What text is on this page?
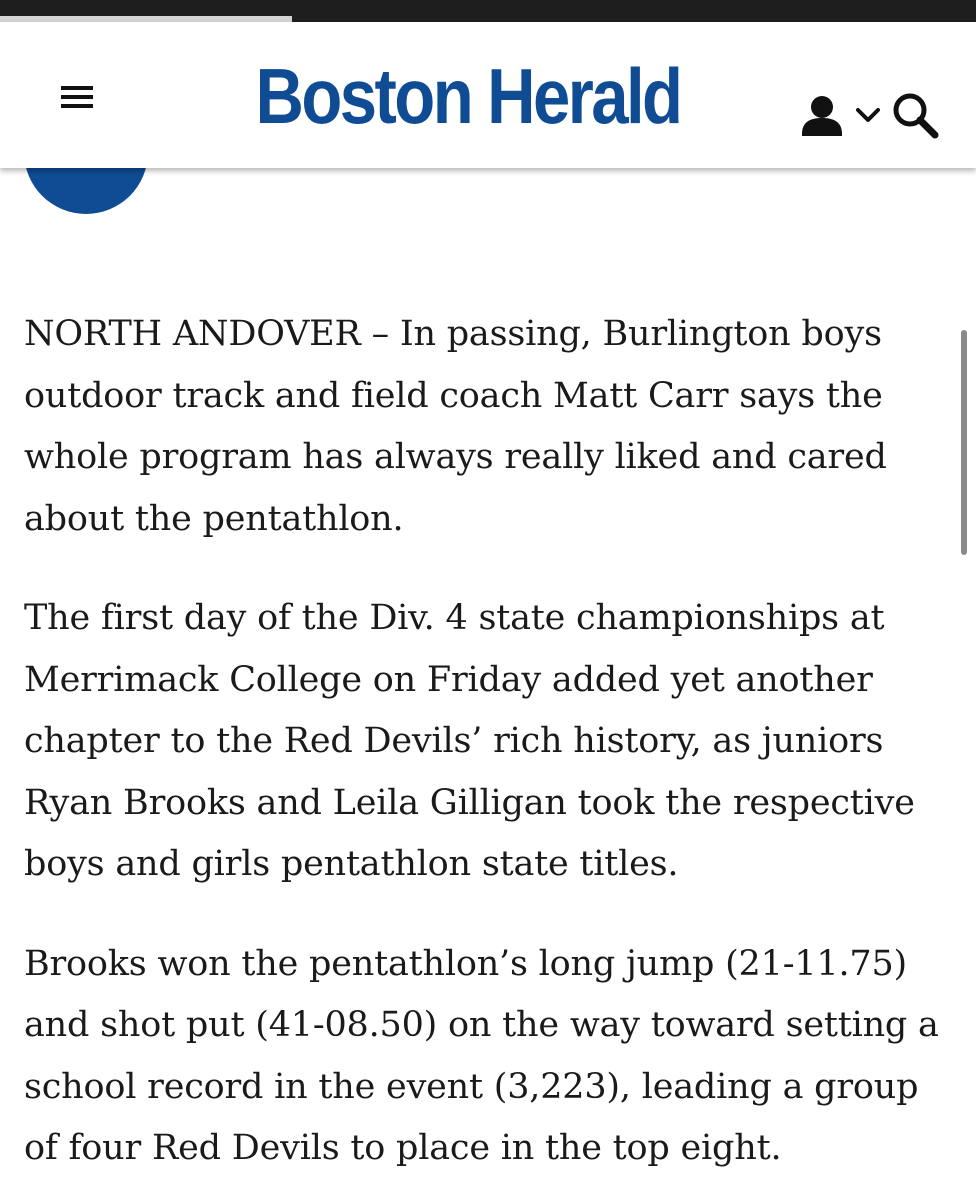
Boston Herald

NORTH ANDOVER – In passing, Burlington boys outdoor track and field coach Matt Carr says the whole program has always really liked and cared about the pentathlon.

The first day of the Div. 4 state championships at Merrimack College on Friday added yet another chapter to the Red Devils’ rich history, as juniors Ryan Brooks and Leila Gilligan took the respective boys and girls pentathlon state titles.

Brooks won the pentathlon’s long jump (21-11.75) and shot put (41-08.50) on the way toward setting a school record in the event (3,223), leading a group of four Red Devils to place in the top eight.
